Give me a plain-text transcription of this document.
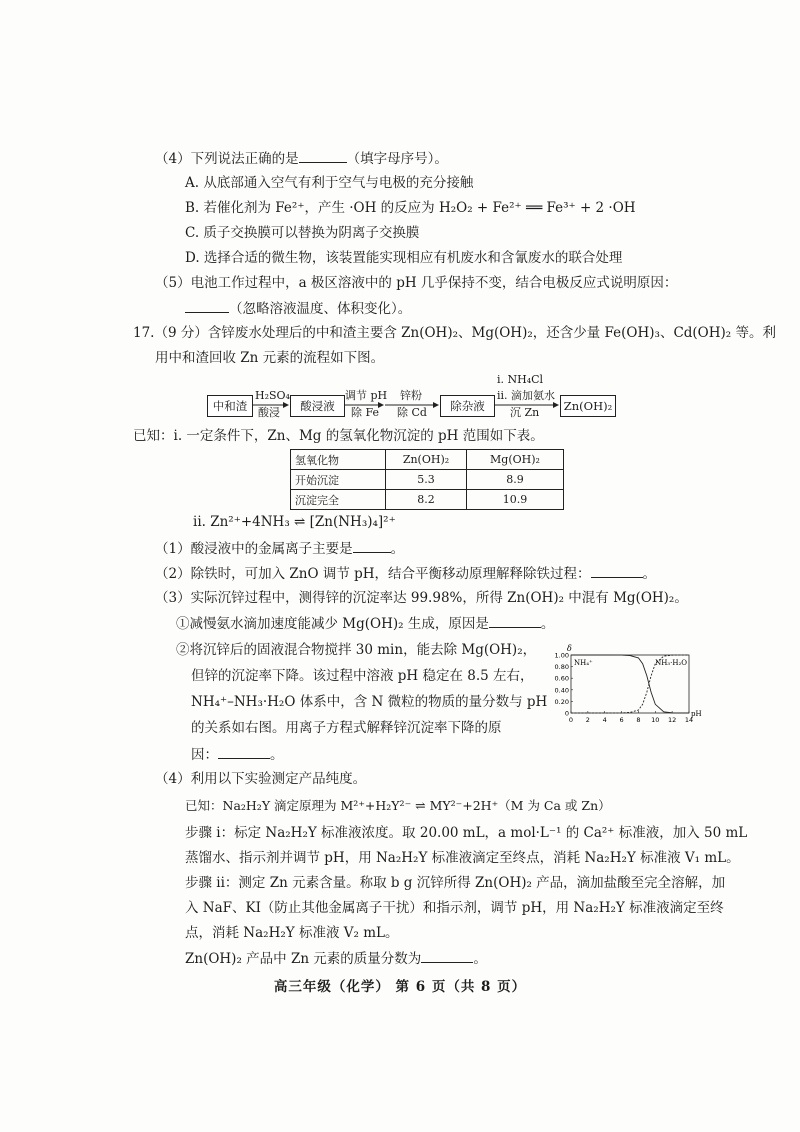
（4）下列说法正确的是	（填字母序号）。
A. 从底部通入空气有利于空气与电极的充分接触
B. 若催化剂为 Fe²⁺，产生 ·OH 的反应为 H₂O₂ + Fe²⁺ ══ Fe³⁺ + 2 ·OH
C. 质子交换膜可以替换为阴离子交换膜
D. 选择合适的微生物，该装置能实现相应有机废水和含氰废水的联合处理
（5）电池工作过程中，a 极区溶液中的 pH 几乎保持不变，结合电极反应式说明原因：
（忽略溶液温度、体积变化）。
17.（9 分）含锌废水处理后的中和渣主要含 Zn(OH)₂、Mg(OH)₂，还含少量 Fe(OH)₃、Cd(OH)₂ 等。利
用中和渣回收 Zn 元素的流程如下图。
中和渣	酸浸液	除杂液	Zn(OH)₂
H₂SO₄
酸浸
调节 pH
除 Fe
锌粉
除 Cd
i. NH₄Cl
ii. 滴加氨水
沉 Zn
已知：i. 一定条件下，Zn、Mg 的氢氧化物沉淀的 pH 范围如下表。
氢氧化物	Zn(OH)₂	Mg(OH)₂
开始沉淀	5.3	8.9
沉淀完全	8.2	10.9
ii. Zn²⁺+4NH₃ ⇌ [Zn(NH₃)₄]²⁺
（1）酸浸液中的金属离子主要是	。
（2）除铁时，可加入 ZnO 调节 pH，结合平衡移动原理解释除铁过程：	。
（3）实际沉锌过程中，测得锌的沉淀率达 99.98%，所得 Zn(OH)₂ 中混有 Mg(OH)₂。
①减慢氨水滴加速度能减少 Mg(OH)₂ 生成，原因是	。
②将沉锌后的固液混合物搅拌 30 min，能去除 Mg(OH)₂，
但锌的沉淀率下降。该过程中溶液 pH 稳定在 8.5 左右，
NH₄⁺–NH₃·H₂O 体系中，含 N 微粒的物质的量分数与 pH
的关系如右图。用离子方程式解释锌沉淀率下降的原
因：	。
δ
pH
1.00
0.80
0.60
0.40
0.20
0
0 2 4 6 8 10 12 14
NH₄⁺	NH₃·H₂O
（4）利用以下实验测定产品纯度。
已知：Na₂H₂Y 滴定原理为 M²⁺+H₂Y²⁻ ⇌ MY²⁻+2H⁺（M 为 Ca 或 Zn）
步骤 i：标定 Na₂H₂Y 标准液浓度。取 20.00 mL，a mol·L⁻¹ 的 Ca²⁺ 标准液，加入 50 mL
蒸馏水、指示剂并调节 pH，用 Na₂H₂Y 标准液滴定至终点，消耗 Na₂H₂Y 标准液 V₁ mL。
步骤 ii：测定 Zn 元素含量。称取 b g 沉锌所得 Zn(OH)₂ 产品，滴加盐酸至完全溶解，加
入 NaF、KI（防止其他金属离子干扰）和指示剂，调节 pH，用 Na₂H₂Y 标准液滴定至终
点，消耗 Na₂H₂Y 标准液 V₂ mL。
Zn(OH)₂ 产品中 Zn 元素的质量分数为	。
高三年级（化学） 第 6 页（共 8 页）
